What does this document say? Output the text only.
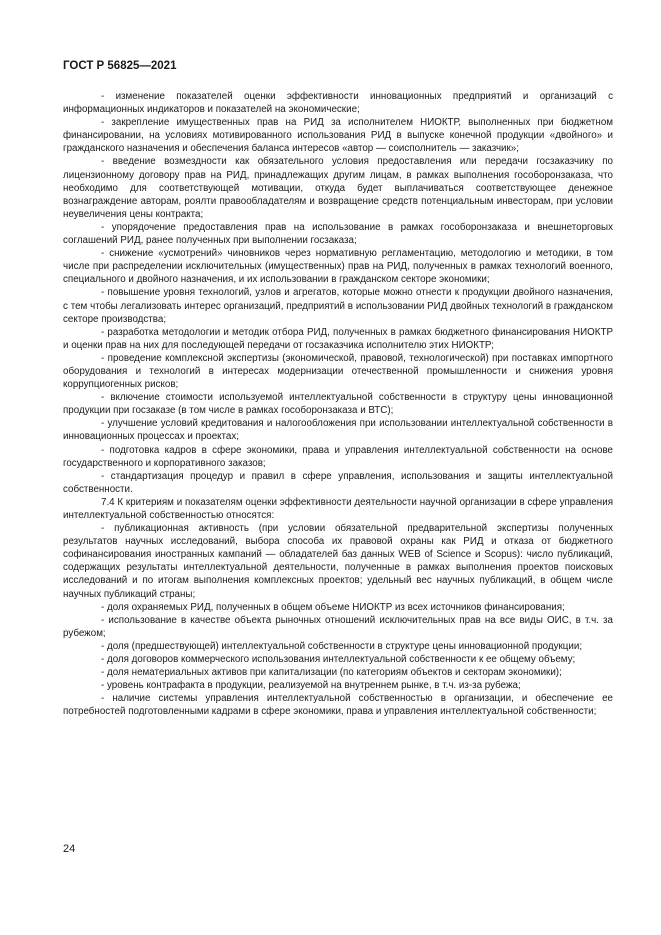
ГОСТ Р 56825—2021

- изменение показателей оценки эффективности инновационных предприятий и организаций с информационных индикаторов и показателей на экономические;

- закрепление имущественных прав на РИД за исполнителем НИОКТР, выполненных при бюджетном финансировании, на условиях мотивированного использования РИД в выпуске конечной продукции «двойного» и гражданского назначения и обеспечения баланса интересов «автор — соисполнитель — заказчик»;

- введение возмездности как обязательного условия предоставления или передачи госзаказчику по лицензионному договору прав на РИД, принадлежащих другим лицам, в рамках выполнения гособоронзаказа, что необходимо для соответствующей мотивации, откуда будет выплачиваться соответствующее денежное вознаграждение авторам, роялти правообладателям и возвращение средств потенциальным инвесторам, при условии неувеличения цены контракта;

- упорядочение предоставления прав на использование в рамках гособоронзаказа и внешнеторговых соглашений РИД, ранее полученных при выполнении госзаказа;

- снижение «усмотрений» чиновников через нормативную регламентацию, методологию и методики, в том числе при распределении исключительных (имущественных) прав на РИД, полученных в рамках технологий военного, специального и двойного назначения, и их использовании в гражданском секторе экономики;

- повышение уровня технологий, узлов и агрегатов, которые можно отнести к продукции двойного назначения, с тем чтобы легализовать интерес организаций, предприятий в использовании РИД двойных технологий в гражданском секторе производства;

- разработка методологии и методик отбора РИД, полученных в рамках бюджетного финансирования НИОКТР и оценки прав на них для последующей передачи от госзаказчика исполнителю этих НИОКТР;

- проведение комплексной экспертизы (экономической, правовой, технологической) при поставках импортного оборудования и технологий в интересах модернизации отечественной промышленности и снижения уровня коррупциогенных рисков;

- включение стоимости используемой интеллектуальной собственности в структуру цены инновационной продукции при госзаказе (в том числе в рамках гособоронзаказа и ВТС);

- улучшение условий кредитования и налогообложения при использовании интеллектуальной собственности в инновационных процессах и проектах;

- подготовка кадров в сфере экономики, права и управления интеллектуальной собственности на основе государственного и корпоративного заказов;

- стандартизация процедур и правил в сфере управления, использования и защиты интеллектуальной собственности.

7.4 К критериям и показателям оценки эффективности деятельности научной организации в сфере управления интеллектуальной собственностью относятся:

- публикационная активность (при условии обязательной предварительной экспертизы полученных результатов научных исследований, выбора способа их правовой охраны как РИД и отказа от бюджетного софинансирования иностранных кампаний — обладателей баз данных WEB of Science и Scopus): число публикаций, содержащих результаты интеллектуальной деятельности, полученные в рамках выполнения проектов поисковых исследований и по итогам выполнения комплексных проектов; удельный вес научных публикаций, в общем числе научных публикаций страны;

- доля охраняемых РИД, полученных в общем объеме НИОКТР из всех источников финансирования;

- использование в качестве объекта рыночных отношений исключительных прав на все виды ОИС, в т.ч. за рубежом;

- доля (предшествующей) интеллектуальной собственности в структуре цены инновационной продукции;

- доля договоров коммерческого использования интеллектуальной собственности к ее общему объему;

- доля нематериальных активов при капитализации (по категориям объектов и секторам экономики);

- уровень контрафакта в продукции, реализуемой на внутреннем рынке, в т.ч. из-за рубежа;

- наличие системы управления интеллектуальной собственностью в организации, и обеспечение ее потребностей подготовленными кадрами в сфере экономики, права и управления интеллектуальной собственности;

24
